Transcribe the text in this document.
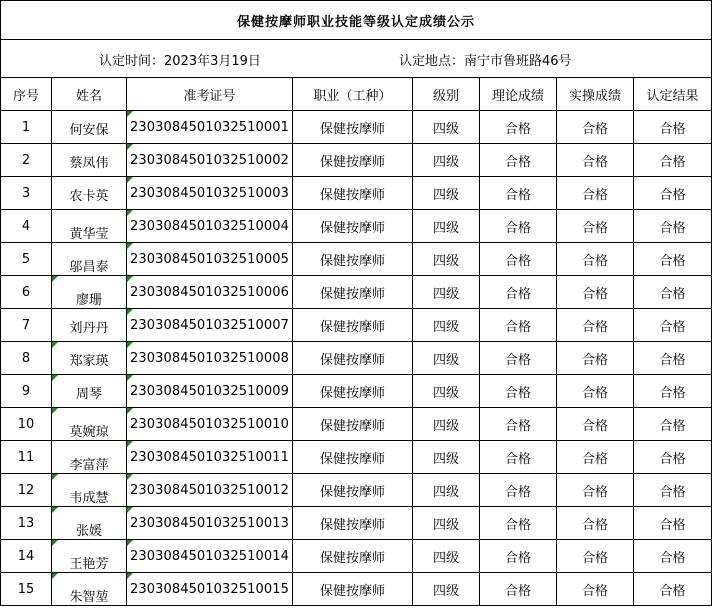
保健按摩师职业技能等级认定成绩公示							

认定时间：2023年3月19日 认定地点：南宁市鲁班路46号							

序号	姓名	准考证号	职业（工种）	级别	理论成绩	实操成绩	认定结果
1	何安保	2303084501032510001	保健按摩师	四级	合格	合格	合格
2	蔡凤伟	2303084501032510002	保健按摩师	四级	合格	合格	合格
3	农卡英	2303084501032510003	保健按摩师	四级	合格	合格	合格
4	黄华莹	2303084501032510004	保健按摩师	四级	合格	合格	合格
5	邬昌泰	2303084501032510005	保健按摩师	四级	合格	合格	合格
6	廖珊	2303084501032510006	保健按摩师	四级	合格	合格	合格
7	刘丹丹	2303084501032510007	保健按摩师	四级	合格	合格	合格
8	郑家瑛	2303084501032510008	保健按摩师	四级	合格	合格	合格
9	周琴	2303084501032510009	保健按摩师	四级	合格	合格	合格
10	莫婉琼	2303084501032510010	保健按摩师	四级	合格	合格	合格
11	李富萍	2303084501032510011	保健按摩师	四级	合格	合格	合格
12	韦成慧	2303084501032510012	保健按摩师	四级	合格	合格	合格
13	张媛	2303084501032510013	保健按摩师	四级	合格	合格	合格
14	王艳芳	2303084501032510014	保健按摩师	四级	合格	合格	合格
15	朱智堃	2303084501032510015	保健按摩师	四级	合格	合格	合格
